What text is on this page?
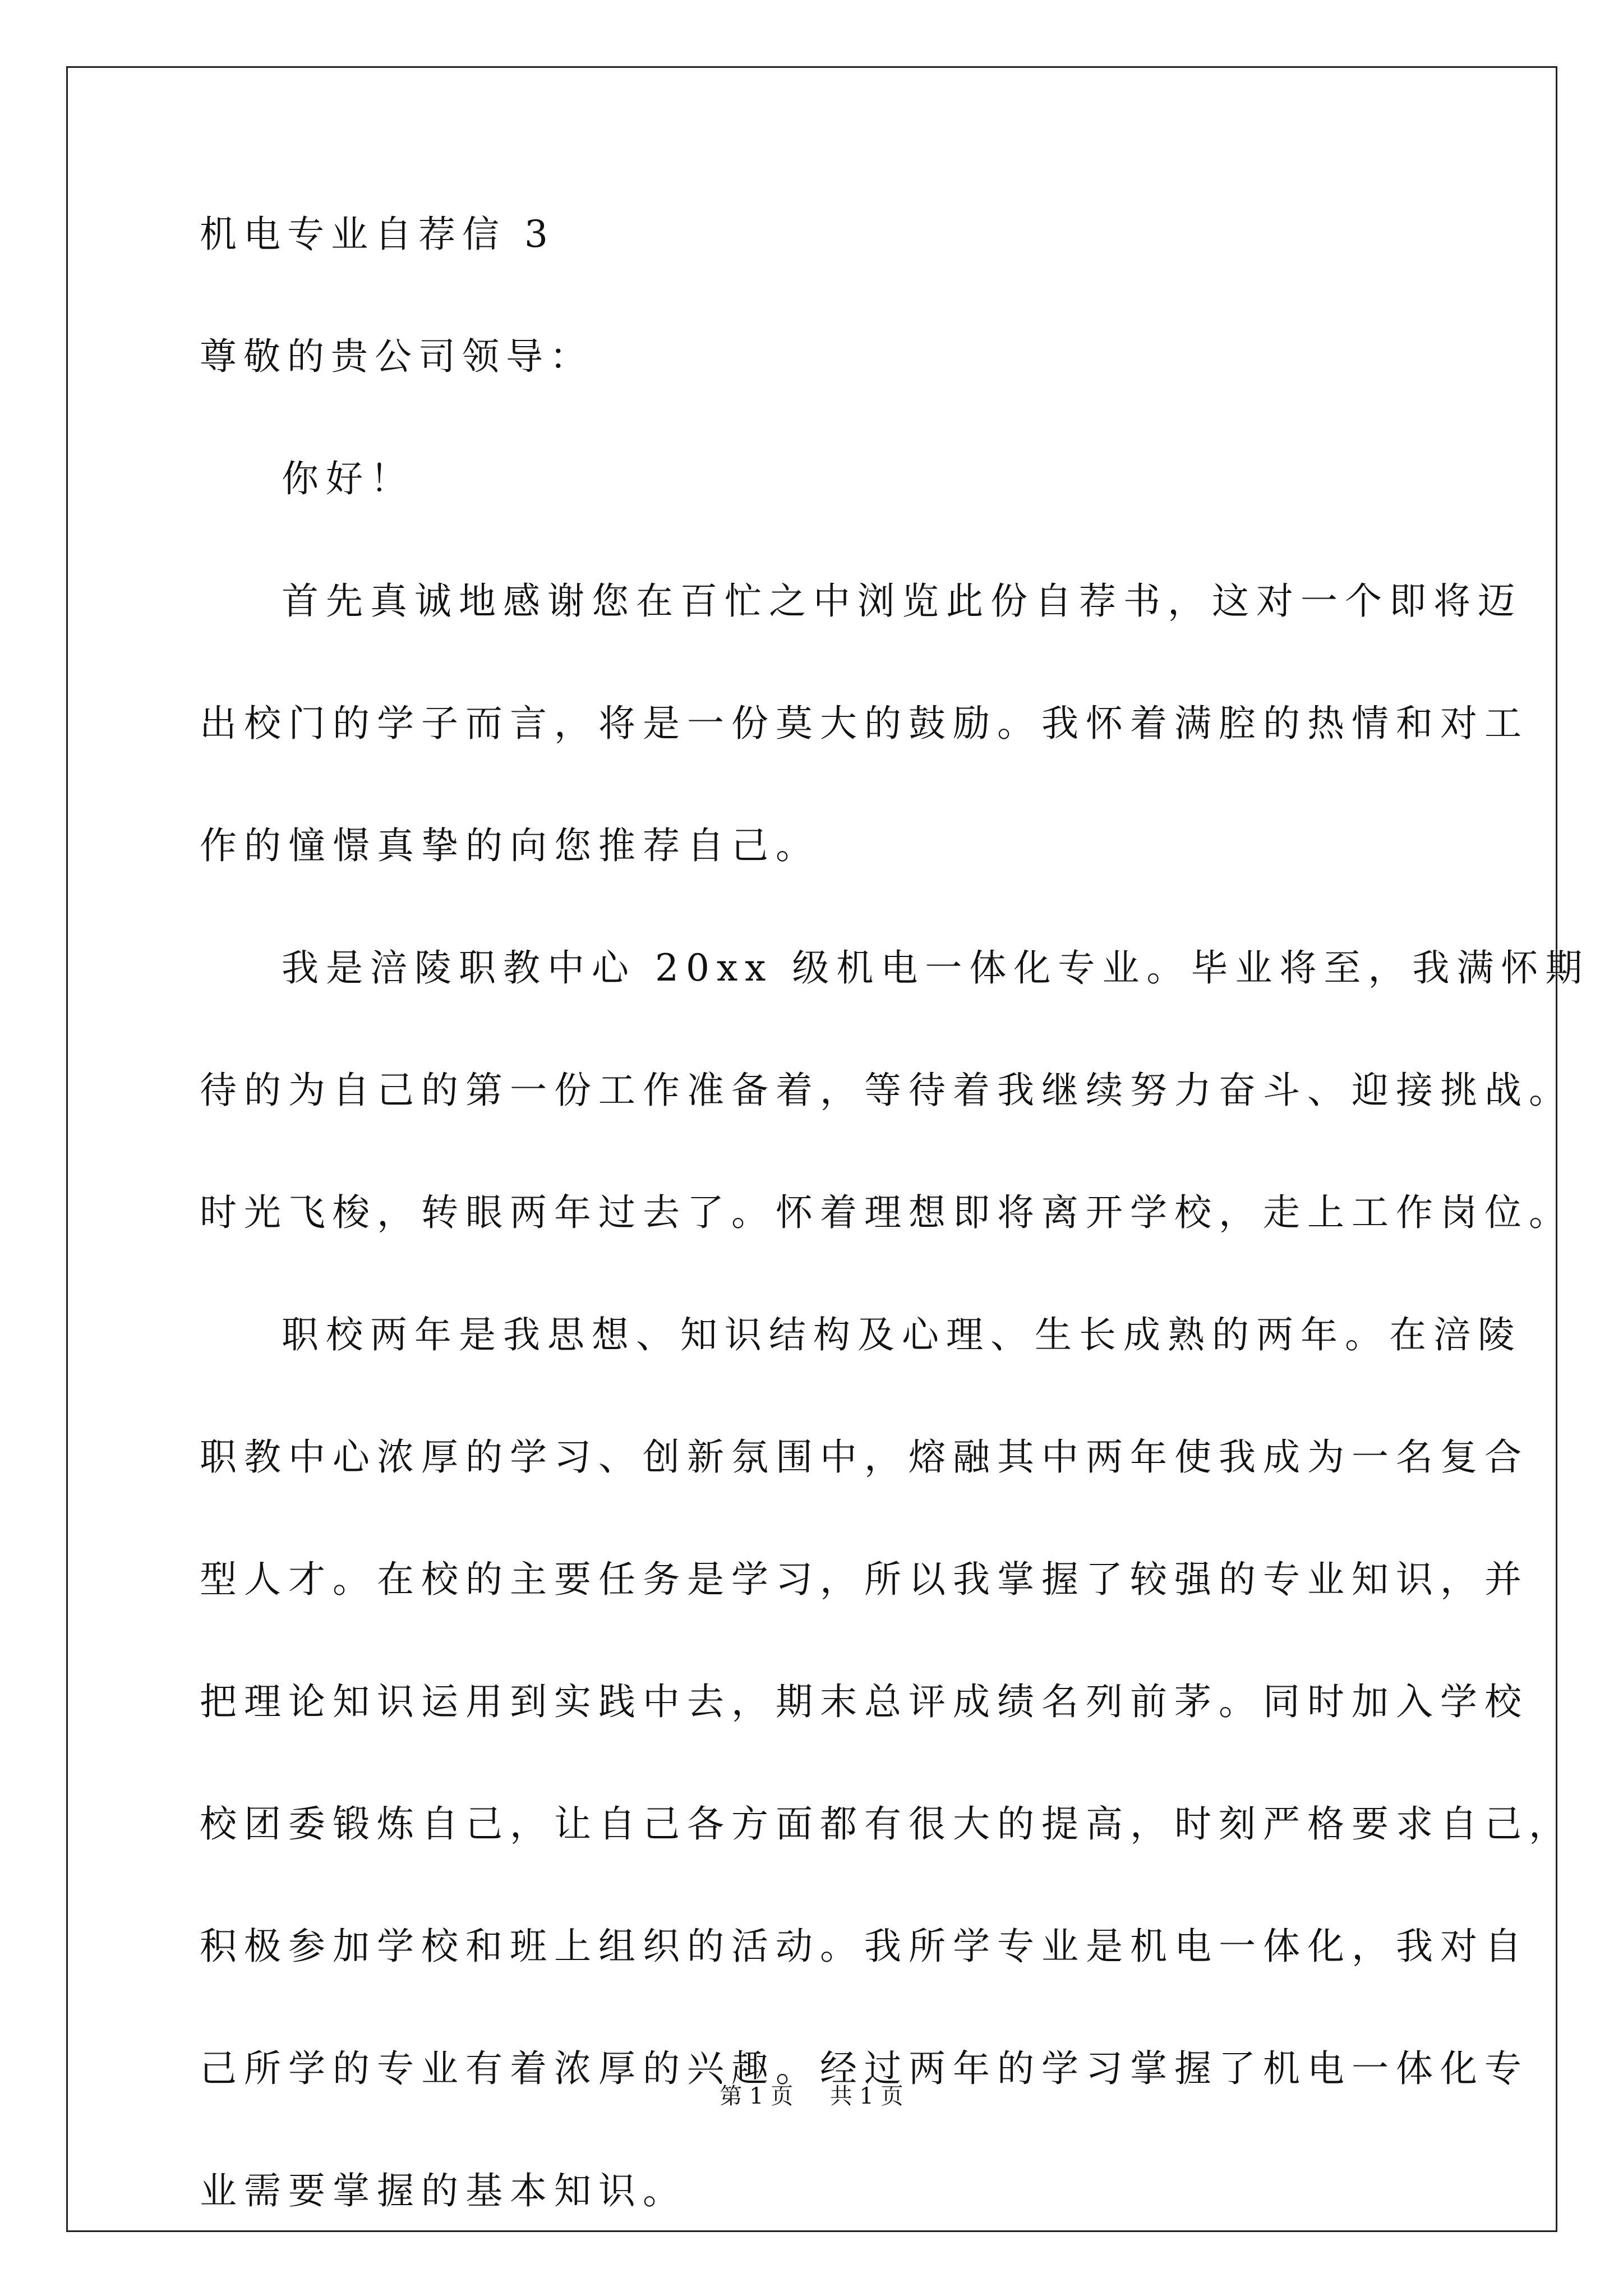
机电专业自荐信 3

尊敬的贵公司领导：

你好！

首先真诚地感谢您在百忙之中浏览此份自荐书，这对一个即将迈

出校门的学子而言，将是一份莫大的鼓励。我怀着满腔的热情和对工

作的憧憬真挚的向您推荐自己。

我是涪陵职教中心 20xx 级机电一体化专业。毕业将至，我满怀期

待的为自己的第一份工作准备着，等待着我继续努力奋斗、迎接挑战。

时光飞梭，转眼两年过去了。怀着理想即将离开学校，走上工作岗位。

职校两年是我思想、知识结构及心理、生长成熟的两年。在涪陵

职教中心浓厚的学习、创新氛围中，熔融其中两年使我成为一名复合

型人才。在校的主要任务是学习，所以我掌握了较强的专业知识，并

把理论知识运用到实践中去，期末总评成绩名列前茅。同时加入学校

校团委锻炼自己，让自己各方面都有很大的提高，时刻严格要求自己，

积极参加学校和班上组织的活动。我所学专业是机电一体化，我对自

己所学的专业有着浓厚的兴趣。经过两年的学习掌握了机电一体化专

业需要掌握的基本知识。

第 1 页 共 1 页
